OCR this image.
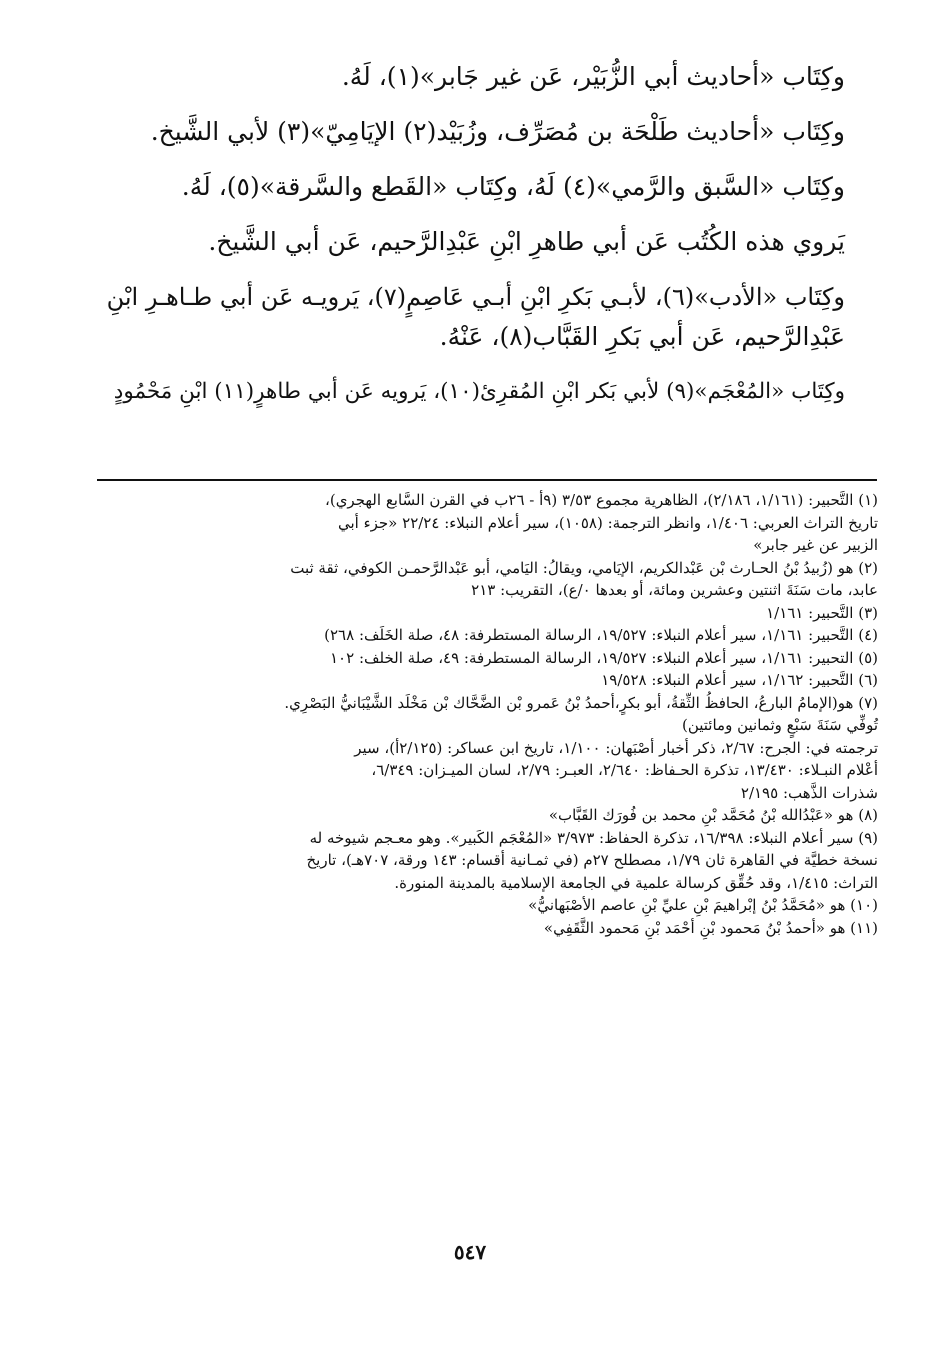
وكِتَاب «أحاديث أبي الزُّبَيْر، عَن غير جَابر»(١)، لَهُ.

وكِتَاب «أحاديث طَلْحَة بن مُصَرِّف، وزُبَيْد(٢) الإيَامِيّ»(٣) لأبي الشَّيخ.

وكِتَاب «السَّبق والرَّمي»(٤) لَهُ، وكِتَاب «القَطع والسَّرقة»(٥)، لَهُ.

يَروي هذه الكُتُب عَن أبي طاهرِ ابْنِ عَبْدِالرَّحيم، عَن أبي الشَّيخ.

وكِتَاب «الأدب»(٦)، لأبـي بَكرِ ابْنِ أبـي عَاصِمٍ(٧)، يَرويـه عَن أبي طـاهـرِ ابْنِ

عَبْدِالرَّحيم، عَن أبي بَكرِ القَبَّاب(٨)، عَنْهُ.

وكِتَاب «المُعْجَم»(٩) لأبي بَكر ابْنِ المُقرِئ(١٠)، يَرويه عَن أبي طاهرٍ(١١) ابْنِ مَحْمُودٍ

(١) التَّحبير: (١/١٦١، ٢/١٨٦)، الظاهرية مجموع ٣/٥٣ (٩أ - ٢٦ب في القرن السَّابع الهجري)،
تاريخ التراث العربي: ١/٤٠٦، وانظر الترجمة: (١٠٥٨)، سير أعلام النبلاء: ٢٢/٢٤ «جزء أبي
الزبير عن غير جابر»
(٢) هو (زُبيدُ بْنُ الحـارث بْن عَبْدالكريم، الإيَامي، ويقالُ: اليَامي، أبو عَبْدالرَّحمـن الكوفي، ثقة ثبت
عابد، مات سَنَةَ اثنتين وعشرين ومائة، أو بعدها ٠/ع)، التقريب: ٢١٣
(٣) التَّحبير: ١/١٦١
(٤) التَّحبير: ١/١٦١، سير أعلام النبلاء: ١٩/٥٢٧، الرسالة المستطرفة: ٤٨، صلة الخَلَف: ٢٦٨)
(٥) التحبير: ١/١٦١، سير أعلام النبلاء: ١٩/٥٢٧، الرسالة المستطرفة: ٤٩، صلة الخلف: ١٠٢
(٦) التَّحبير: ١/١٦٢، سير أعلام النبلاء: ١٩/٥٢٨
(٧) هو(الإمامُ البارعُ، الحافظُ الثِّقةُ، أبو بكرٍ،أحمدُ بْنُ عَمرو بْن الضَّحَّاك بْن مَخْلَد الشَّيْبَانيُّ البَصْرِي.
تُوفِّي سَنَةَ سَبْعٍ وثمانين ومائتين)
ترجمته في: الجرح: ٢/٦٧، ذكر أخبار أصْبَهان: ١/١٠٠، تاريخ ابن عساكر: (٢/١٢٥أ)، سير
أعْلام النبـلاء: ١٣/٤٣٠، تذكرة الحـفاظ: ٢/٦٤٠، العبـر: ٢/٧٩، لسان الميـزان: ٦/٣٤٩،
شذرات الذَّهب: ٢/١٩٥
(٨) هو «عَبْدُالله بْنُ مُحَمَّد بْنِ محمد بن فُورَك القَبَّاب»
(٩) سير أعلام النبلاء: ١٦/٣٩٨، تذكرة الحفاظ: ٣/٩٧٣ «المُعْجَم الكَبير». وهو معـجم شيوخه له
نسخة خطيَّة في القاهرة ثان ١/٧٩، مصطلح ٢٧م (في ثمـانية أقسام: ١٤٣ ورقة، ٧٠٧هـ)، تاريخ
التراث: ١/٤١٥، وقد حُقِّق كرسالة علمية في الجامعة الإسلامية بالمدينة المنورة.
(١٠) هو «مُحَمَّدُ بْنُ إبْراهيمَ بْنِ عليِّ بْنِ عاصم الأصْبَهانيُّ»
(١١) هو «أحمدُ بْنُ مَحمود بْنِ أحْمَد بْنِ مَحمود الثَّقَفِي»
٥٤٧
